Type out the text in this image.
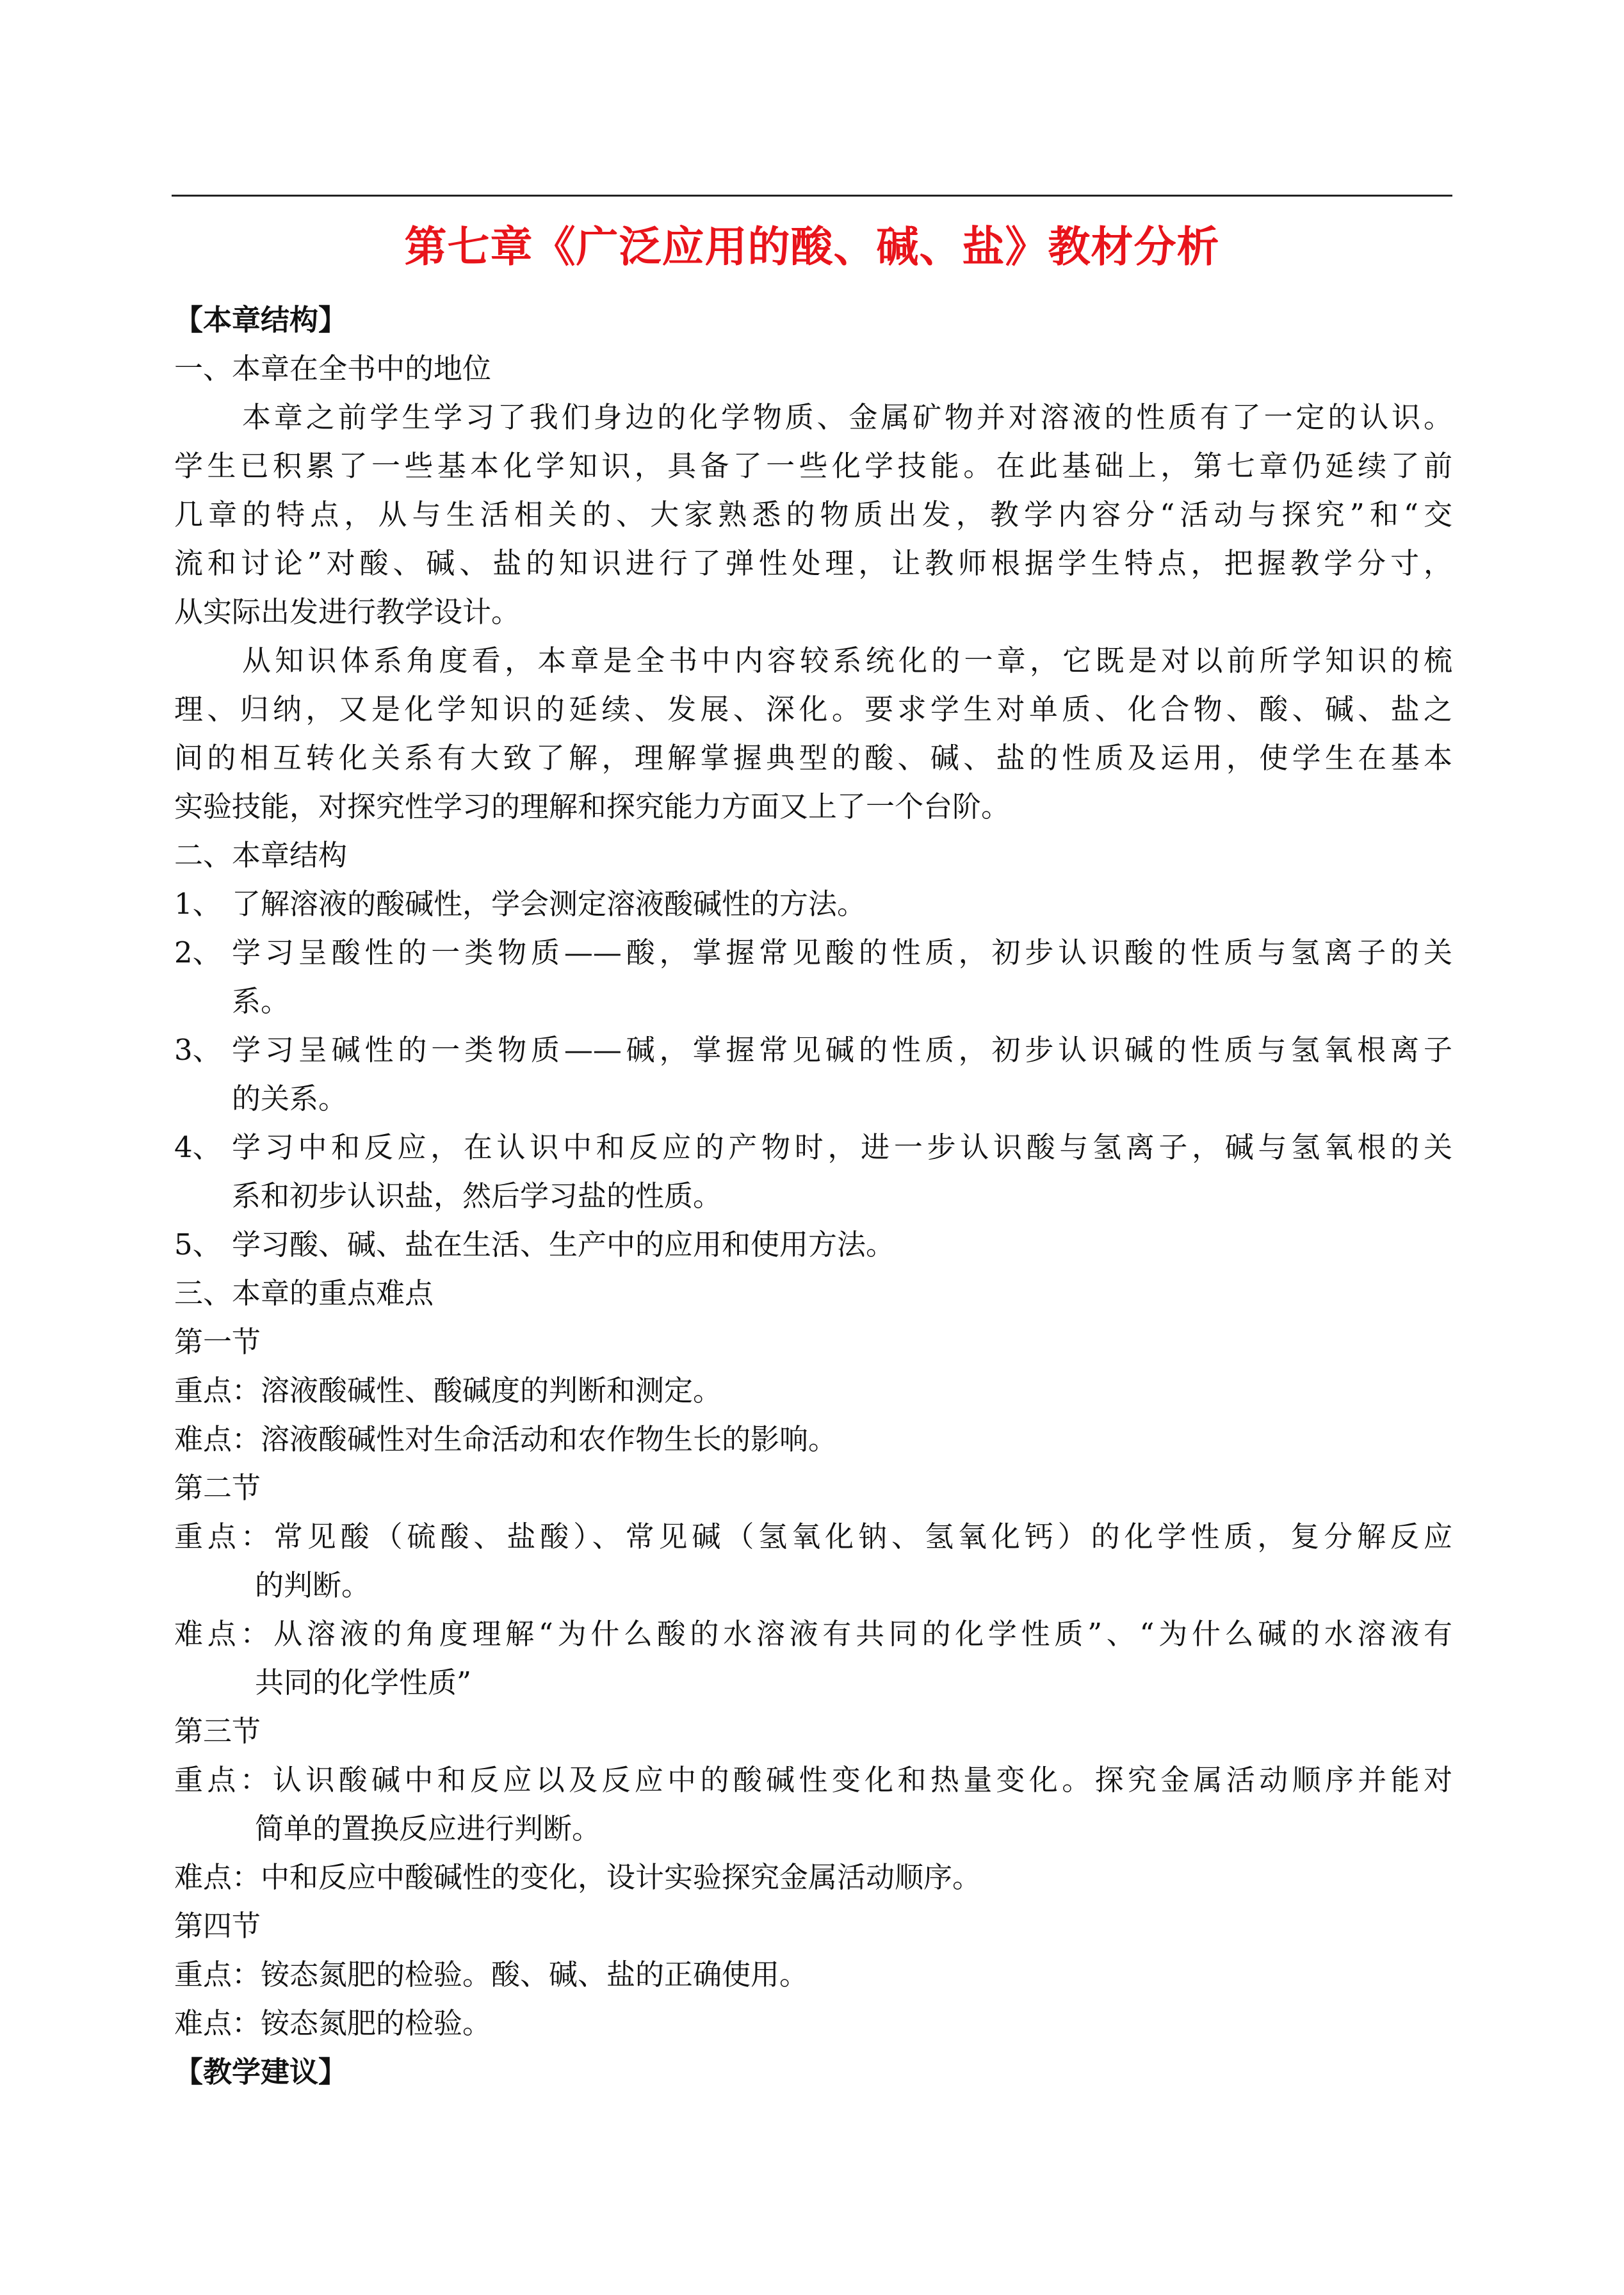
第七章《广泛应用的酸、碱、盐》教材分析
【本章结构】
一、本章在全书中的地位
本章之前学生学习了我们身边的化学物质、金属矿物并对溶液的性质有了一定的认识。
学生已积累了一些基本化学知识，具备了一些化学技能。在此基础上，第七章仍延续了前
几章的特点，从与生活相关的、大家熟悉的物质出发，教学内容分“活动与探究”和“交
流和讨论”对酸、碱、盐的知识进行了弹性处理，让教师根据学生特点，把握教学分寸，
从实际出发进行教学设计。
从知识体系角度看，本章是全书中内容较系统化的一章，它既是对以前所学知识的梳
理、归纳，又是化学知识的延续、发展、深化。要求学生对单质、化合物、酸、碱、盐之
间的相互转化关系有大致了解，理解掌握典型的酸、碱、盐的性质及运用，使学生在基本
实验技能，对探究性学习的理解和探究能力方面又上了一个台阶。
二、本章结构
1、 了解溶液的酸碱性，学会测定溶液酸碱性的方法。
2、 学习呈酸性的一类物质——酸，掌握常见酸的性质，初步认识酸的性质与氢离子的关
系。
3、 学习呈碱性的一类物质——碱，掌握常见碱的性质，初步认识碱的性质与氢氧根离子
的关系。
4、 学习中和反应，在认识中和反应的产物时，进一步认识酸与氢离子，碱与氢氧根的关
系和初步认识盐，然后学习盐的性质。
5、 学习酸、碱、盐在生活、生产中的应用和使用方法。
三、本章的重点难点
第一节
重点：溶液酸碱性、酸碱度的判断和测定。
难点：溶液酸碱性对生命活动和农作物生长的影响。
第二节
重点：常见酸（硫酸、盐酸）、常见碱（氢氧化钠、氢氧化钙）的化学性质，复分解反应
的判断。
难点：从溶液的角度理解“为什么酸的水溶液有共同的化学性质”、“为什么碱的水溶液有
共同的化学性质”
第三节
重点：认识酸碱中和反应以及反应中的酸碱性变化和热量变化。探究金属活动顺序并能对
简单的置换反应进行判断。
难点：中和反应中酸碱性的变化，设计实验探究金属活动顺序。
第四节
重点：铵态氮肥的检验。酸、碱、盐的正确使用。
难点：铵态氮肥的检验。
【教学建议】
